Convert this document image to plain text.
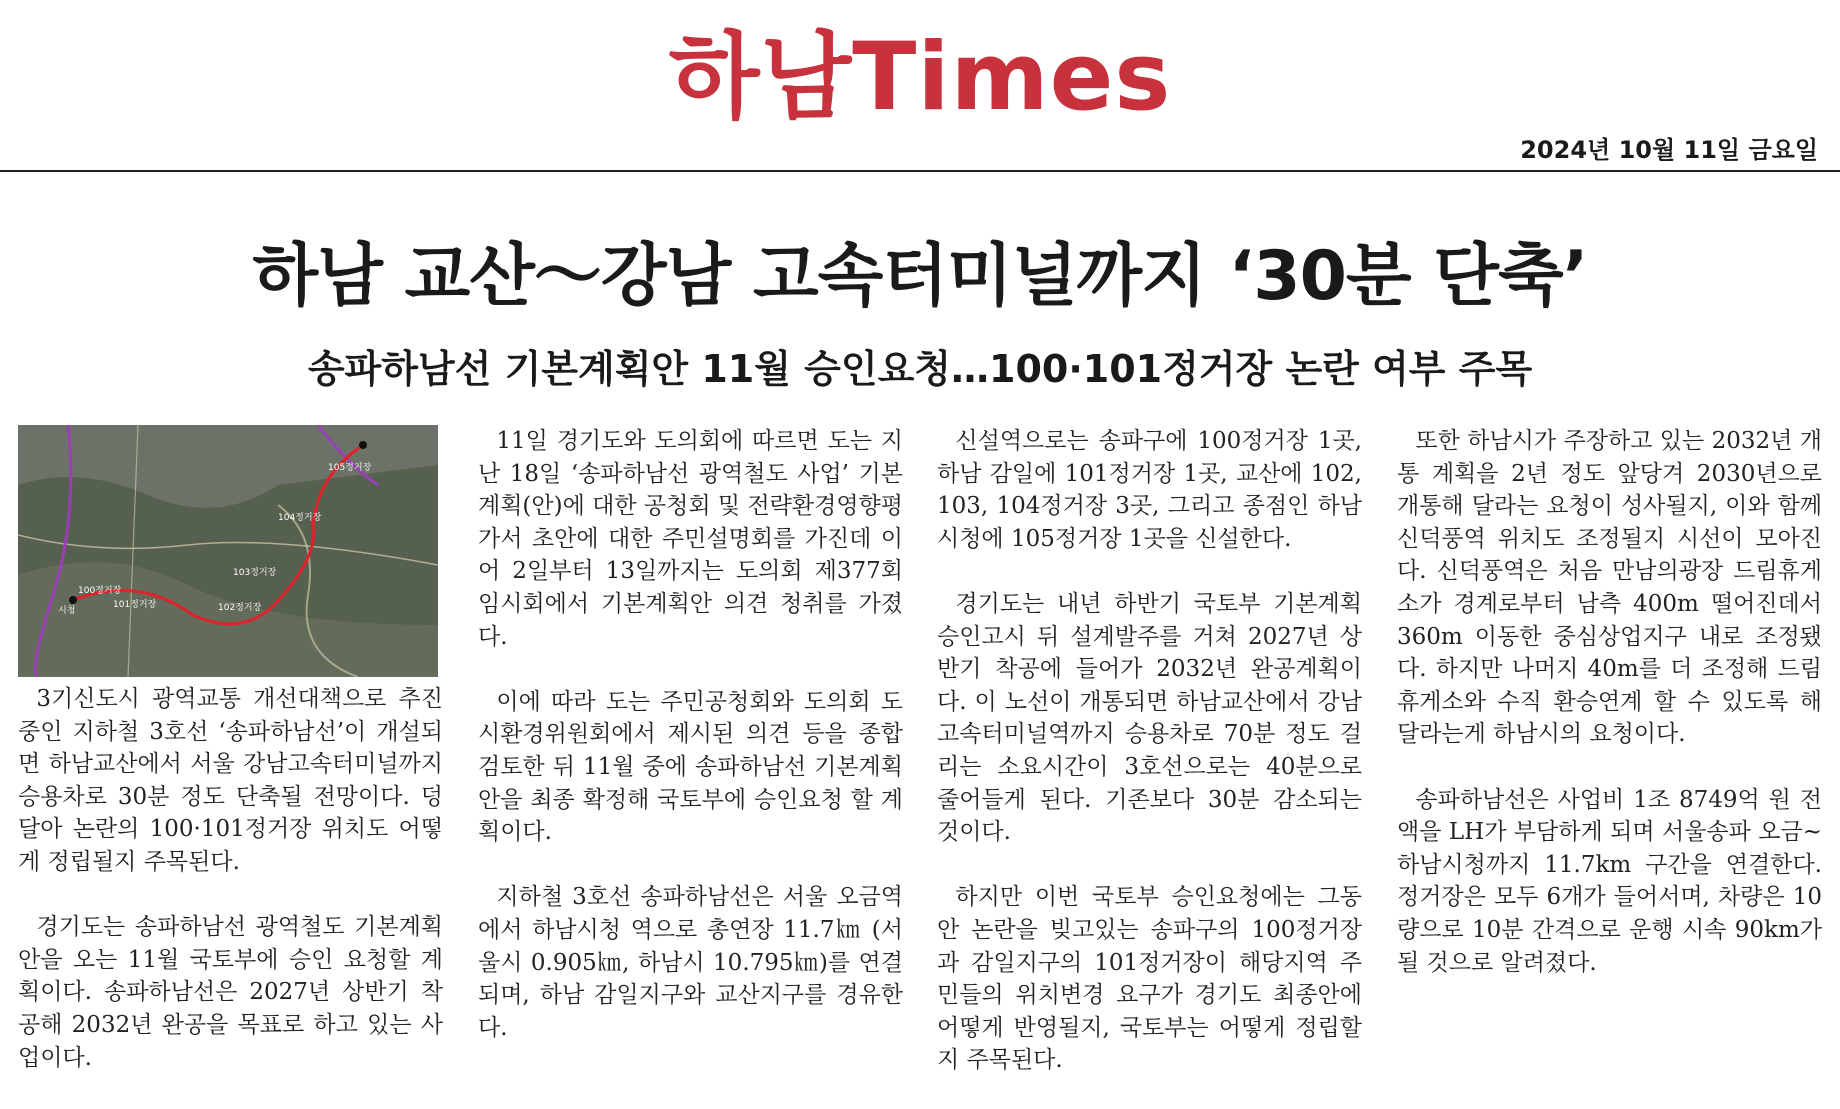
하남Times
2024년 10월 11일 금요일
하남 교산～강남 고속터미널까지 ‘30분 단축’
송파하남선 기본계획안 11월 승인요청…100·101정거장 논란 여부 주목
105정거장
104정거장
103정거장
102정거장
100정거장
101정거장
시청

3기신도시 광역교통 개선대책으로 추진 중인 지하철 3호선 ‘송파하남선’이 개설되면 하남교산에서 서울 강남고속터미널까지 승용차로 30분 정도 단축될 전망이다. 덩달아 논란의 100·101정거장 위치도 어떻게 정립될지 주목된다.

경기도는 송파하남선 광역철도 기본계획안을 오는 11월 국토부에 승인 요청할 계획이다. 송파하남선은 2027년 상반기 착공해 2032년 완공을 목표로 하고 있는 사업이다.

11일 경기도와 도의회에 따르면 도는 지난 18일 ‘송파하남선 광역철도 사업’ 기본계획(안)에 대한 공청회 및 전략환경영향평가서 초안에 대한 주민설명회를 가진데 이어 2일부터 13일까지는 도의회 제377회 임시회에서 기본계획안 의견 청취를 가졌다.

이에 따라 도는 주민공청회와 도의회 도시환경위원회에서 제시된 의견 등을 종합 검토한 뒤 11월 중에 송파하남선 기본계획안을 최종 확정해 국토부에 승인요청 할 계획이다.

지하철 3호선 송파하남선은 서울 오금역에서 하남시청 역으로 총연장 11.7㎞ (서울시 0.905㎞, 하남시 10.795㎞)를 연결되며, 하남 감일지구와 교산지구를 경유한다.

신설역으로는 송파구에 100정거장 1곳, 하남 감일에 101정거장 1곳, 교산에 102, 103, 104정거장 3곳, 그리고 종점인 하남시청에 105정거장 1곳을 신설한다.

경기도는 내년 하반기 국토부 기본계획 승인고시 뒤 설계발주를 거쳐 2027년 상반기 착공에 들어가 2032년 완공계획이다. 이 노선이 개통되면 하남교산에서 강남고속터미널역까지 승용차로 70분 정도 걸리는 소요시간이 3호선으로는 40분으로 줄어들게 된다. 기존보다 30분 감소되는 것이다.

하지만 이번 국토부 승인요청에는 그동안 논란을 빚고있는 송파구의 100정거장과 감일지구의 101정거장이 해당지역 주민들의 위치변경 요구가 경기도 최종안에 어떻게 반영될지, 국토부는 어떻게 정립할지 주목된다.

또한 하남시가 주장하고 있는 2032년 개통 계획을 2년 정도 앞당겨 2030년으로 개통해 달라는 요청이 성사될지, 이와 함께 신덕풍역 위치도 조정될지 시선이 모아진다. 신덕풍역은 처음 만남의광장 드림휴게소가 경계로부터 남측 400m 떨어진데서 360m 이동한 중심상업지구 내로 조정됐다. 하지만 나머지 40m를 더 조정해 드림휴게소와 수직 환승연계 할 수 있도록 해 달라는게 하남시의 요청이다.

송파하남선은 사업비 1조 8749억 원 전액을 LH가 부담하게 되며 서울송파 오금~하남시청까지 11.7km 구간을 연결한다. 정거장은 모두 6개가 들어서며, 차량은 10량으로 10분 간격으로 운행 시속 90km가 될 것으로 알려졌다.
